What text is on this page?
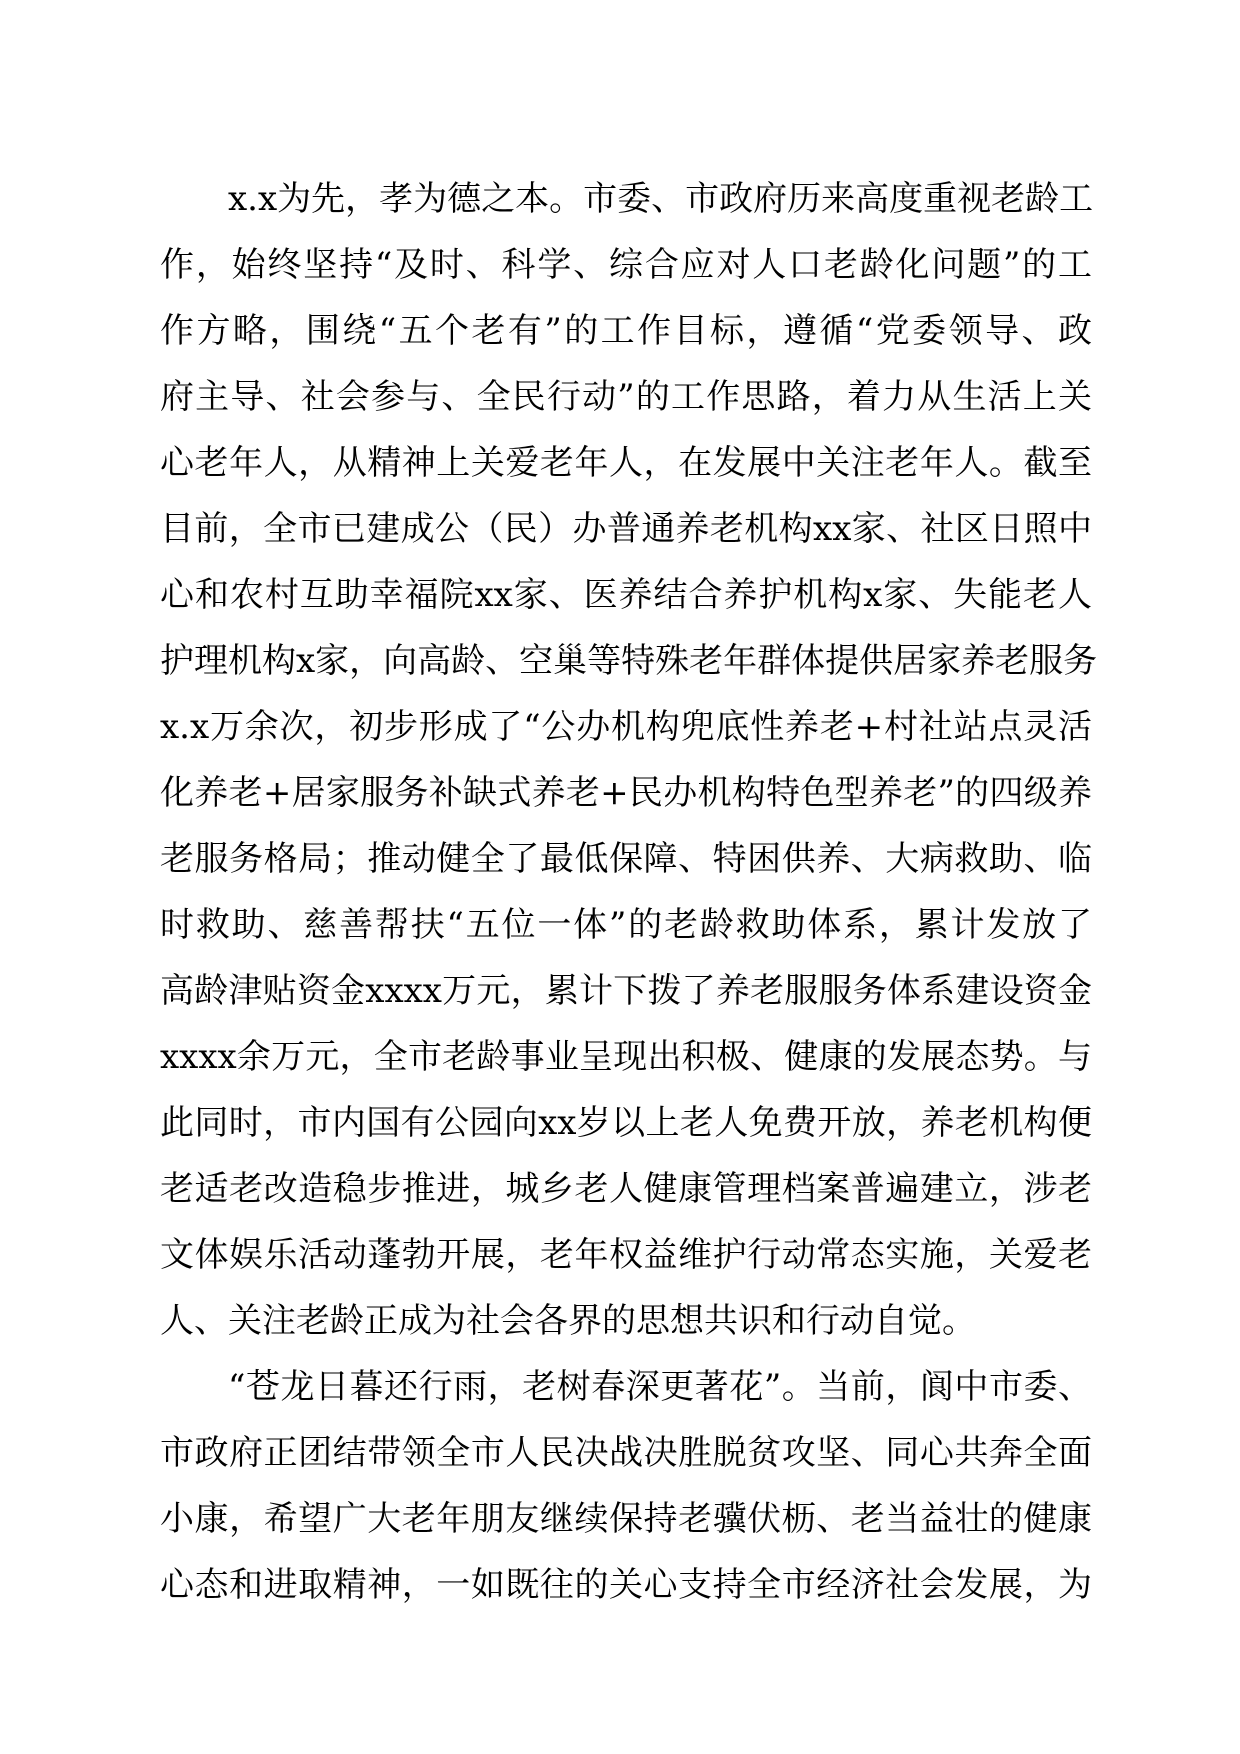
x.x为先，孝为德之本。市委、市政府历来高度重视老龄工
作，始终坚持“及时、科学、综合应对人口老龄化问题”的工
作方略，围绕“五个老有”的工作目标，遵循“党委领导、政
府主导、社会参与、全民行动”的工作思路，着力从生活上关
心老年人，从精神上关爱老年人，在发展中关注老年人。截至
目前，全市已建成公（民）办普通养老机构xx家、社区日照中
心和农村互助幸福院xx家、医养结合养护机构x家、失能老人
护理机构x家，向高龄、空巢等特殊老年群体提供居家养老服务
x.x万余次，初步形成了“公办机构兜底性养老+村社站点灵活
化养老+居家服务补缺式养老+民办机构特色型养老”的四级养
老服务格局；推动健全了最低保障、特困供养、大病救助、临
时救助、慈善帮扶“五位一体”的老龄救助体系，累计发放了
高龄津贴资金xxxx万元，累计下拨了养老服服务体系建设资金
xxxx余万元，全市老龄事业呈现出积极、健康的发展态势。与
此同时，市内国有公园向xx岁以上老人免费开放，养老机构便
老适老改造稳步推进，城乡老人健康管理档案普遍建立，涉老
文体娱乐活动蓬勃开展，老年权益维护行动常态实施，关爱老
人、关注老龄正成为社会各界的思想共识和行动自觉。
“苍龙日暮还行雨，老树春深更著花”。当前，阆中市委、
市政府正团结带领全市人民决战决胜脱贫攻坚、同心共奔全面
小康，希望广大老年朋友继续保持老骥伏枥、老当益壮的健康
心态和进取精神，一如既往的关心支持全市经济社会发展，为
